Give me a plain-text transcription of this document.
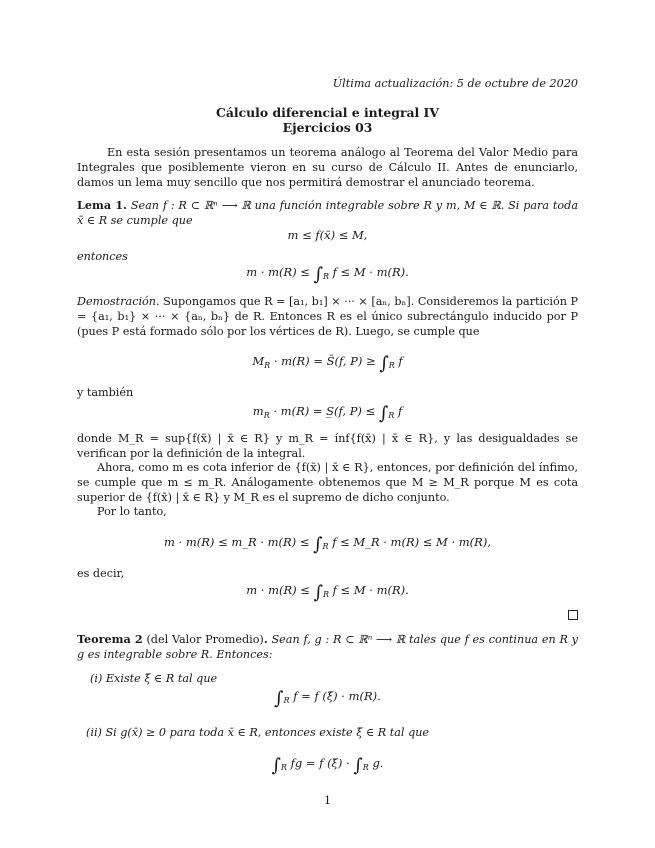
Última actualización: 5 de octubre de 2020
Cálculo diferencial e integral IV
Ejercicios 03
En esta sesión presentamos un teorema análogo al Teorema del Valor Medio para Integrales que posiblemente vieron en su curso de Cálculo II. Antes de enunciarlo, damos un lema muy sencillo que nos permitirá demostrar el anunciado teorema.
Lema 1. Sean f : R ⊂ ℝⁿ ⟶ ℝ una función integrable sobre R y m, M ∈ ℝ. Si para toda x̄ ∈ R se cumple que
m ≤ f(x̄) ≤ M,
entonces
$m \cdot m(R) \le \int_R$ f ≤ M · m(R).
Demostración. Supongamos que R = [a₁, b₁] × ··· × [aₙ, bₙ]. Consideremos la partición P = {a₁, b₁} × ··· × {aₙ, bₙ} de R. Entonces R es el único subrectángulo inducido por P (pues P está formado sólo por los vértices de R). Luego, se cumple que
$M_R \cdot m(R)$ = S̄(f, $P) \ge \int_R$ f
y también
$m_R \cdot m(R)$ = S̲(f, $P) \le \int_R$ f
donde M_R = sup{f(x̄) | x̄ ∈ R} y m_R = ínf{f(x̄) | x̄ ∈ R}, y las desigualdades se verifican por la definición de la integral.
Ahora, como m es cota inferior de {f(x̄) | x̄ ∈ R}, entonces, por definición del ínfimo, se cumple que m ≤ m_R. Análogamente obtenemos que M ≥ M_R porque M es cota superior de {f(x̄) | x̄ ∈ R} y M_R es el supremo de dicho conjunto.
Por lo tanto,
m · m(R) ≤ m_R · $m(R) \le \int_R$ f ≤ M_R · m(R) ≤ M · m(R),
es decir,
$m \cdot m(R) \le \int_R$ f ≤ M · m(R).
Teorema 2 (del Valor Promedio). Sean f, g : R ⊂ ℝⁿ ⟶ ℝ tales que f es continua en R y g es integrable sobre R. Entonces:
(i) Existe ξ̄ ∈ R tal que
$\int_R$ f = f (ξ̄) · m(R).
(ii) Si g(x̄) ≥ 0 para toda x̄ ∈ R, entonces existe ξ̄ ∈ R tal que
$\int_R$ fg = f (ξ̄) · $\int_R$ g.
1
